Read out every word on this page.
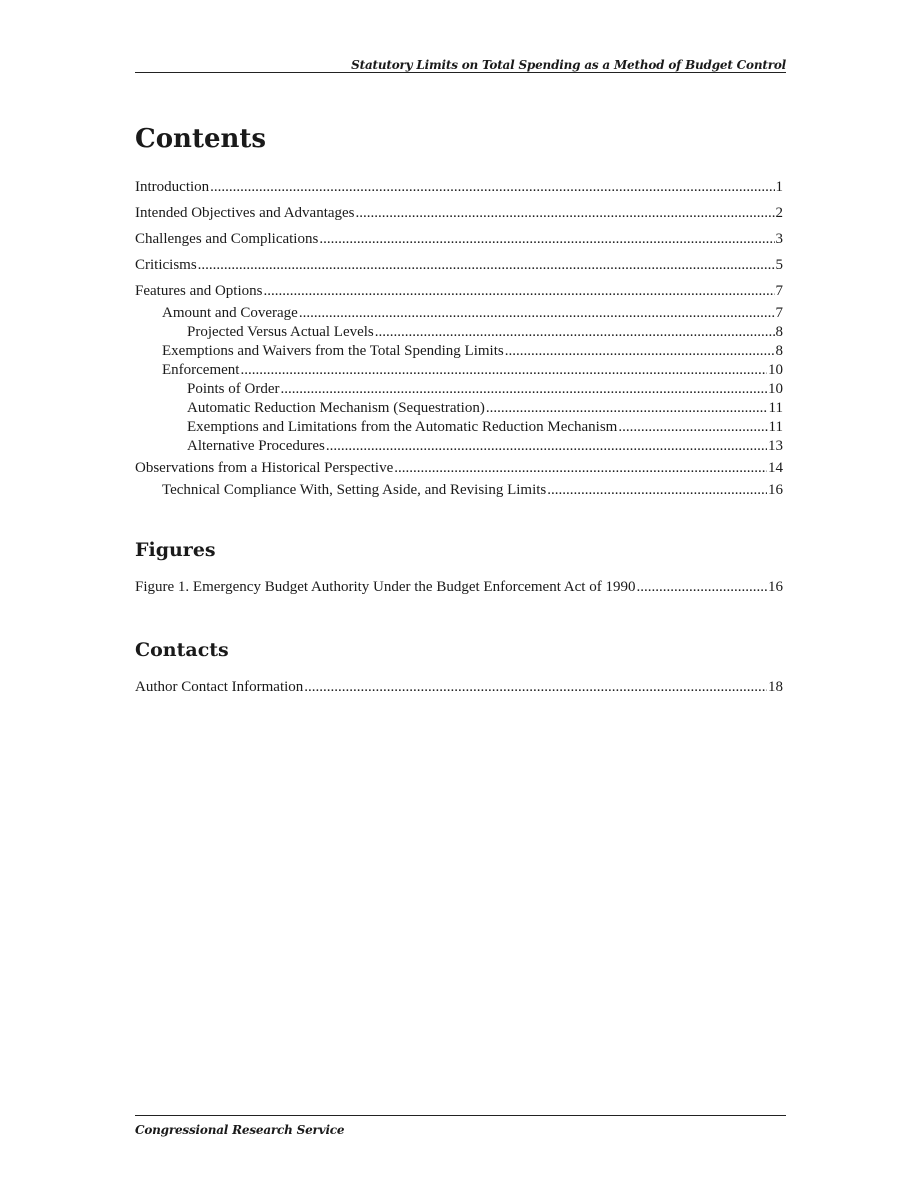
Statutory Limits on Total Spending as a Method of Budget Control
Contents
Introduction .....	1
Intended Objectives and Advantages .....	2
Challenges and Complications .....	3
Criticisms .....	5
Features and Options .....	7
Amount and Coverage .....	7
Projected Versus Actual Levels .....	8
Exemptions and Waivers from the Total Spending Limits .....	8
Enforcement .....	10
Points of Order .....	10
Automatic Reduction Mechanism (Sequestration) .....	11
Exemptions and Limitations from the Automatic Reduction Mechanism .....	11
Alternative Procedures .....	13
Observations from a Historical Perspective .....	14
Technical Compliance With, Setting Aside, and Revising Limits .....	16
Figures
Figure 1. Emergency Budget Authority Under the Budget Enforcement Act of 1990 .....	16
Contacts
Author Contact Information .....	18
Congressional Research Service
